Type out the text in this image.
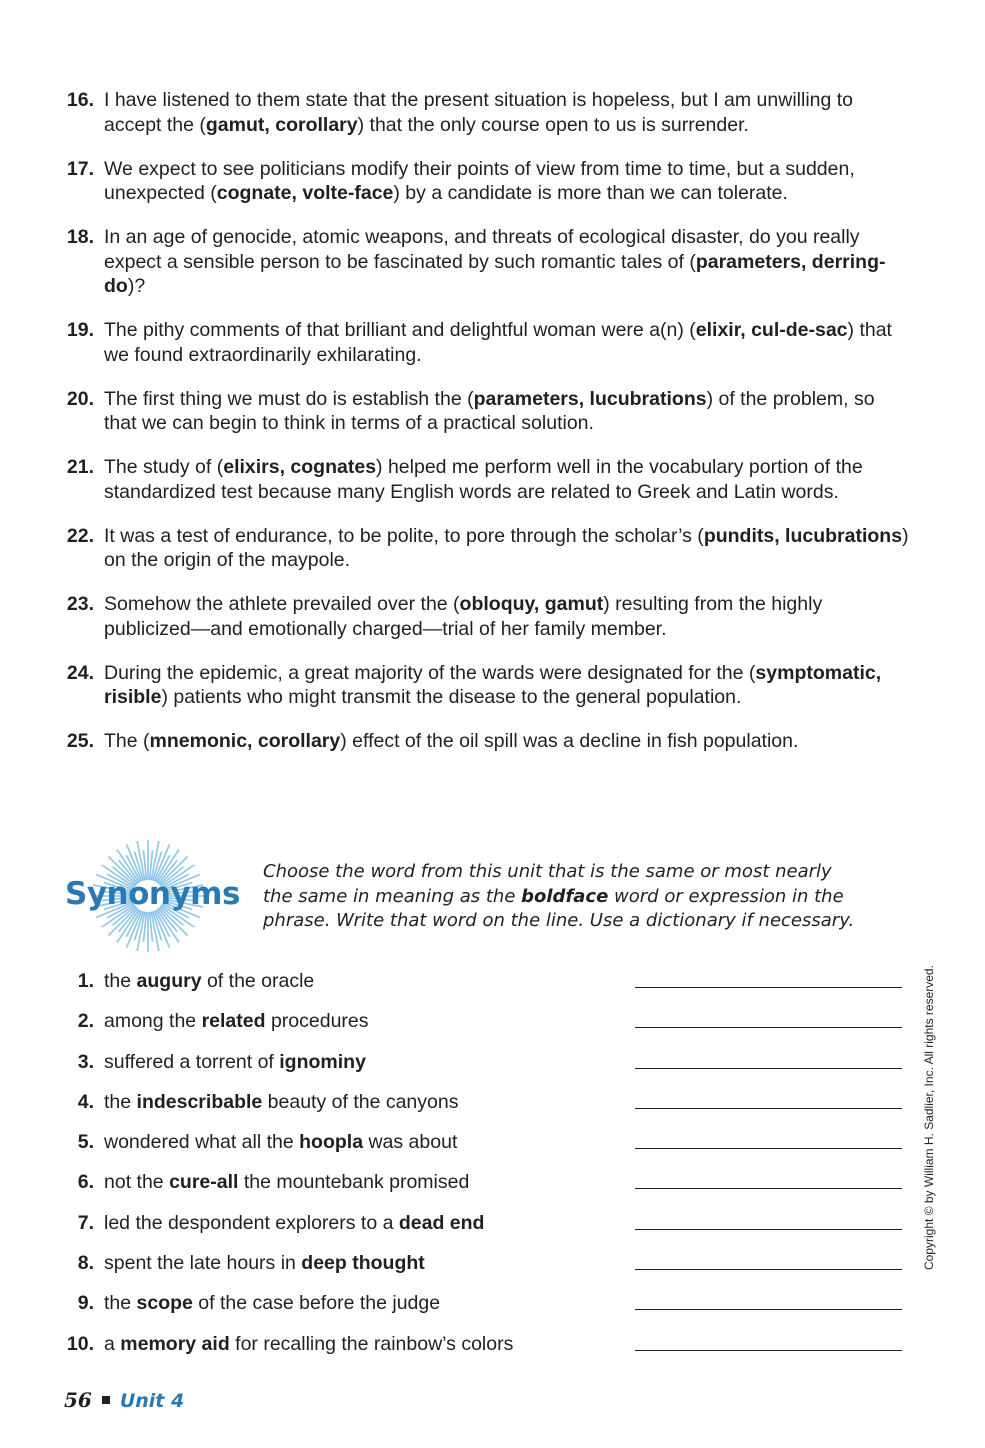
16. I have listened to them state that the present situation is hopeless, but I am unwilling to accept the (gamut, corollary) that the only course open to us is surrender.
17. We expect to see politicians modify their points of view from time to time, but a sudden, unexpected (cognate, volte-face) by a candidate is more than we can tolerate.
18. In an age of genocide, atomic weapons, and threats of ecological disaster, do you really expect a sensible person to be fascinated by such romantic tales of (parameters, derring-do)?
19. The pithy comments of that brilliant and delightful woman were a(n) (elixir, cul-de-sac) that we found extraordinarily exhilarating.
20. The first thing we must do is establish the (parameters, lucubrations) of the problem, so that we can begin to think in terms of a practical solution.
21. The study of (elixirs, cognates) helped me perform well in the vocabulary portion of the standardized test because many English words are related to Greek and Latin words.
22. It was a test of endurance, to be polite, to pore through the scholar’s (pundits, lucubrations) on the origin of the maypole.
23. Somehow the athlete prevailed over the (obloquy, gamut) resulting from the highly publicized—and emotionally charged—trial of her family member.
24. During the epidemic, a great majority of the wards were designated for the (symptomatic, risible) patients who might transmit the disease to the general population.
25. The (mnemonic, corollary) effect of the oil spill was a decline in fish population.
Synonyms
Choose the word from this unit that is the same or most nearly the same in meaning as the boldface word or expression in the phrase. Write that word on the line. Use a dictionary if necessary.
1. the augury of the oracle
2. among the related procedures
3. suffered a torrent of ignominy
4. the indescribable beauty of the canyons
5. wondered what all the hoopla was about
6. not the cure-all the mountebank promised
7. led the despondent explorers to a dead end
8. spent the late hours in deep thought
9. the scope of the case before the judge
10. a memory aid for recalling the rainbow’s colors
Copyright © by William H. Sadlier, Inc. All rights reserved.
56 Unit 4
